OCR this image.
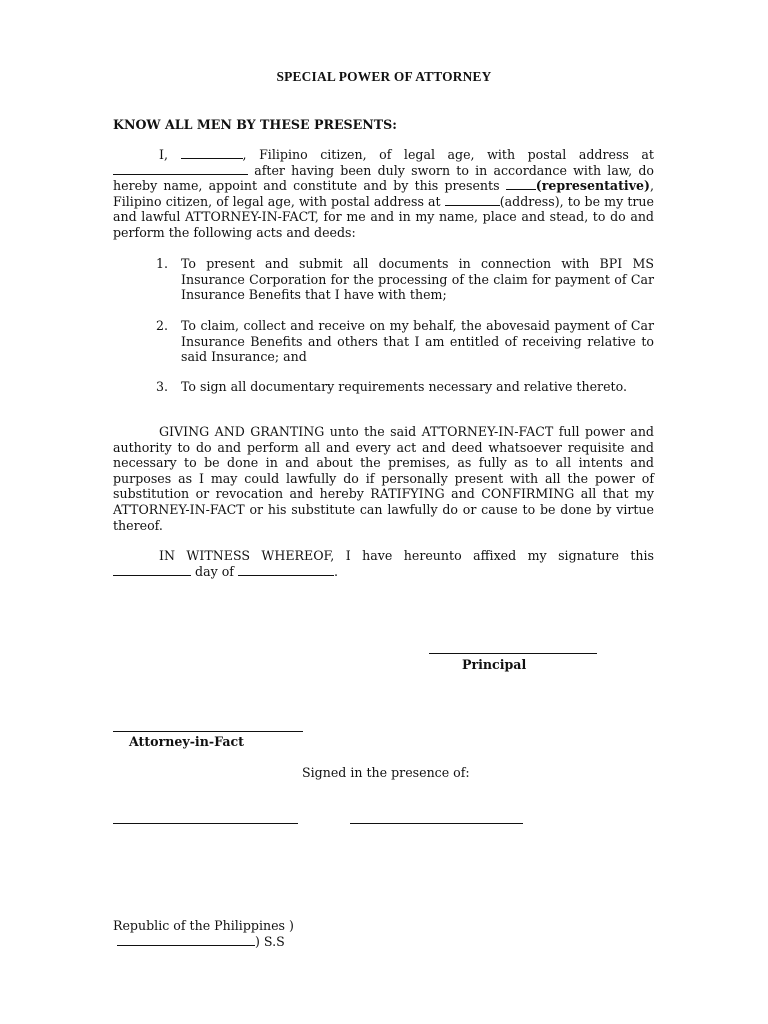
SPECIAL POWER OF ATTORNEY
KNOW ALL MEN BY THESE PRESENTS:

I,	, Filipino citizen, of legal age, with postal address at  after having been duly sworn to in accordance with law, do hereby name, appoint and constitute and by this presents	(representative), Filipino citizen, of legal age, with postal address at	(address), to be my true and lawful ATTORNEY-IN-FACT, for me and in my name, place and stead, to do and perform the following acts and deeds:

1.	To present and submit all documents in connection with BPI MS Insurance Corporation for the processing of the claim for payment of Car Insurance Benefits that I have with them;
2.	To claim, collect and receive on my behalf, the abovesaid payment of Car Insurance Benefits and others that I am entitled of receiving relative to said Insurance; and
3.	To sign all documentary requirements necessary and relative thereto.

GIVING AND GRANTING unto the said ATTORNEY-IN-FACT full power and authority to do and perform all and every act and deed whatsoever requisite and necessary to be done in and about the premises, as fully as to all intents and purposes as I may could lawfully do if personally present with all the power of substitution or revocation and hereby RATIFYING and CONFIRMING all that my ATTORNEY-IN-FACT or his substitute can lawfully do or cause to be done by virtue thereof.

IN WITNESS WHEREOF, I have hereunto affixed my signature this  day of	.

Principal
Attorney-in-Fact
Signed in the presence of:
Republic of the Philippines )
) S.S
